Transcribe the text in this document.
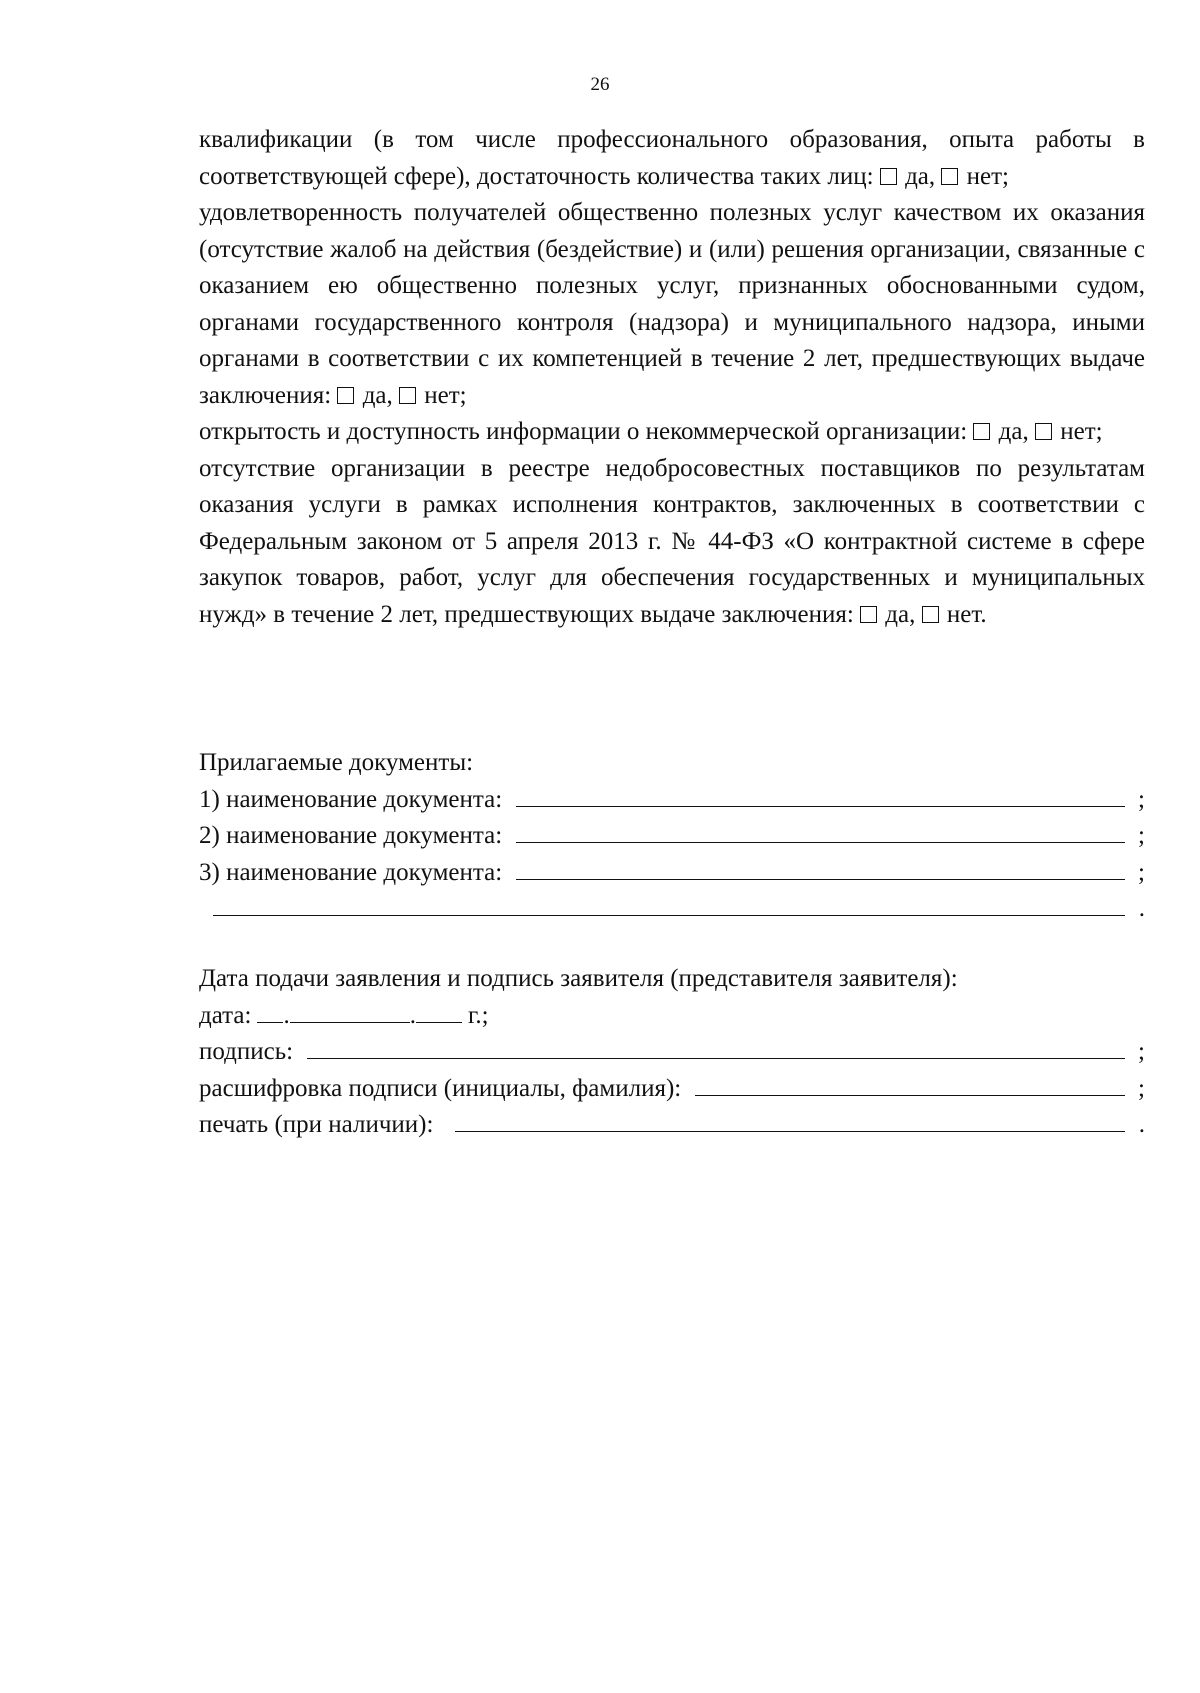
26

квалификации (в том числе профессионального образования, опыта работы в соответствующей сфере), достаточность количества таких лиц: да, нет;

удовлетворенность получателей общественно полезных услуг качеством их оказания (отсутствие жалоб на действия (бездействие) и (или) решения организации, связанные с оказанием ею общественно полезных услуг, признанных обоснованными судом, органами государственного контроля (надзора) и муниципального надзора, иными органами в соответствии с их компетенцией в течение 2 лет, предшествующих выдаче заключения: да, нет;

открытость и доступность информации о некоммерческой организации: да, нет;

отсутствие организации в реестре недобросовестных поставщиков по результатам оказания услуги в рамках исполнения контрактов, заключенных в соответствии с Федеральным законом от 5 апреля 2013 г. № 44-ФЗ «О контрактной системе в сфере закупок товаров, работ, услуг для обеспечения государственных и муниципальных нужд» в течение 2 лет, предшествующих выдаче заключения: да, нет.

Прилагаемые документы:
1) наименование документа:	;
2) наименование документа:	;
3) наименование документа:	;
.
Дата подачи заявления и подпись заявителя (представителя заявителя):
дата: .	. г.;
подпись:	;
расшифровка подписи (инициалы, фамилия):	;
печать (при наличии):	.
